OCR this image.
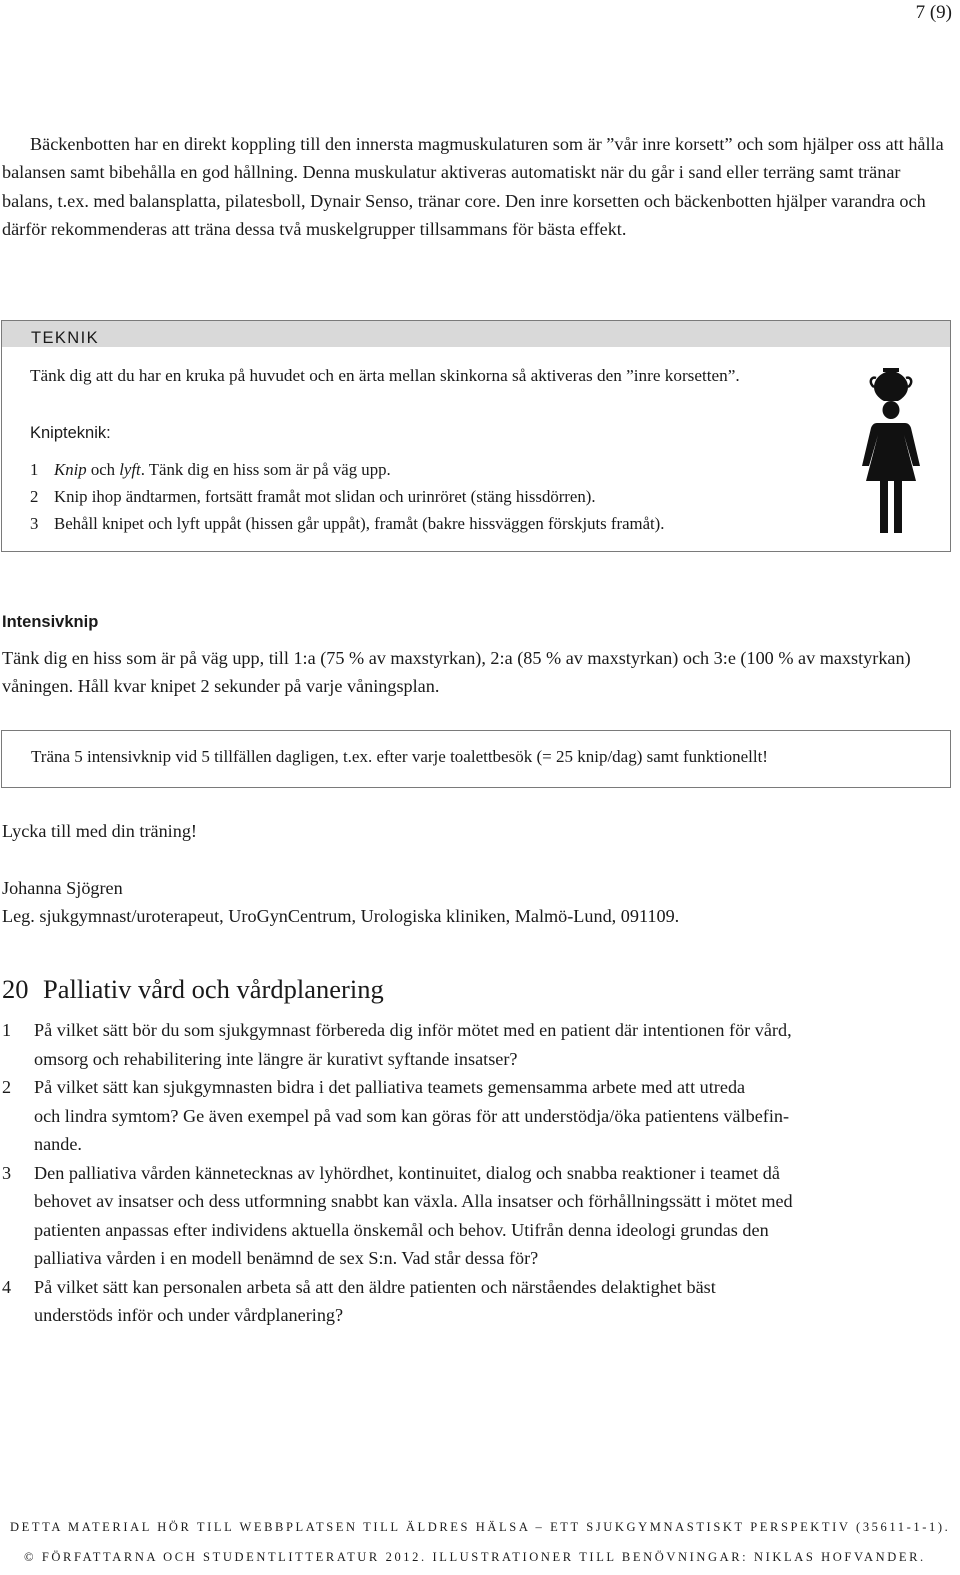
7 (9)

Bäckenbotten har en direkt koppling till den innersta magmuskulaturen som är ”vår inre korsett” och som hjälper oss att hålla balansen samt bibehålla en god hållning. Denna muskulatur aktiveras automatiskt när du går i sand eller terräng samt tränar balans, t.ex. med balansplatta, pilatesboll, Dynair Senso, tränar core. Den inre korsetten och bäckenbotten hjälper varandra och därför rekommenderas att träna dessa två muskelgrupper tillsammans för bästa effekt.

TEKNIK
Tänk dig att du har en kruka på huvudet och en ärta mellan skinkorna så aktiveras den ”inre korsetten”.
Knipteknik:
1 Knip och lyft. Tänk dig en hiss som är på väg upp.
2 Knip ihop ändtarmen, fortsätt framåt mot slidan och urinröret (stäng hissdörren).
3 Behåll knipet och lyft uppåt (hissen går uppåt), framåt (bakre hissväggen förskjuts framåt).
Intensivknip

Tänk dig en hiss som är på väg upp, till 1:a (75 % av maxstyrkan), 2:a (85 % av maxstyrkan) och 3:e (100 % av maxstyrkan) våningen. Håll kvar knipet 2 sekunder på varje våningsplan.

Träna 5 intensivknip vid 5 tillfällen dagligen, t.ex. efter varje toalettbesök (= 25 knip/dag) samt funktionellt!

Lycka till med din träning!

Johanna Sjögren

Leg. sjukgymnast/uroterapeut, UroGynCentrum, Urologiska kliniken, Malmö-Lund, 091109.

20 Palliativ vård och vårdplanering
1	På vilket sätt bör du som sjukgymnast förbereda dig inför mötet med en patient där intentionen för vård,
omsorg och rehabilitering inte längre är kurativt syftande insatser?
2	På vilket sätt kan sjukgymnasten bidra i det palliativa teamets gemensamma arbete med att utreda
och lindra symtom? Ge även exempel på vad som kan göras för att understödja/öka patientens välbefin-
nande.
3	Den palliativa vården kännetecknas av lyhördhet, kontinuitet, dialog och snabba reaktioner i teamet då
behovet av insatser och dess utformning snabbt kan växla. Alla insatser och förhållningssätt i mötet med
patienten anpassas efter individens aktuella önskemål och behov. Utifrån denna ideologi grundas den
palliativa vården i en modell benämnd de sex S:n. Vad står dessa för?
4	På vilket sätt kan personalen arbeta så att den äldre patienten och närståendes delaktighet bäst
understöds inför och under vårdplanering?
DETTA MATERIAL HÖR TILL WEBBPLATSEN TILL ÄLDRES HÄLSA – ETT SJUKGYMNASTISKT PERSPEKTIV (35611-1-1).
© FÖRFATTARNA OCH STUDENTLITTERATUR 2012. ILLUSTRATIONER TILL BENÖVNINGAR: NIKLAS HOFVANDER.
